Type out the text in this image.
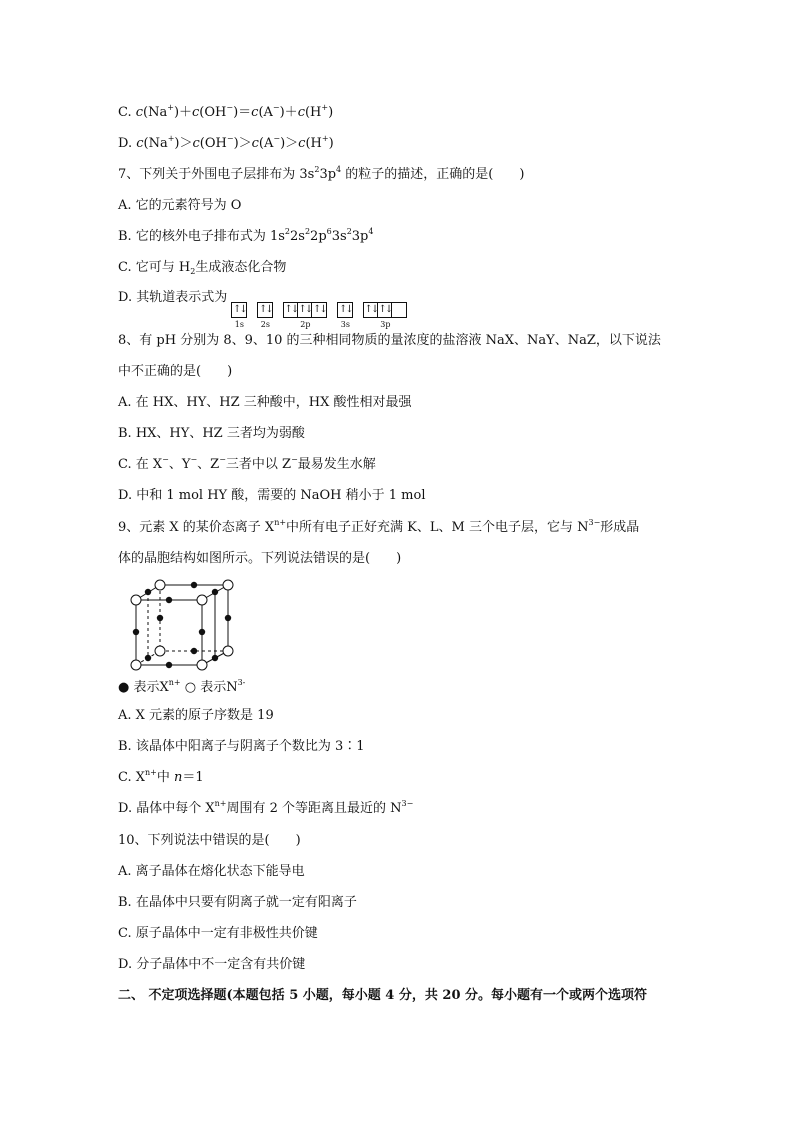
C. c(Na+)＋c(OH−)＝c(A−)＋c(H+)
D. c(Na+)＞c(OH−)＞c(A−)＞c(H+)
7、下列关于外围电子层排布为 $3s^23p^4$ 的粒子的描述，正确的是(　　)
A. 它的元素符号为 O
B. 它的核外电子排布式为 $1s^22s^22p^63s^23p^4$
C. 它可与 $H_2$生成液态化合物
D. 其轨道表示式为
↑↓
1s
↑↓
2s
↑↓ ↑↓ ↑↓
2p
↑↓
3s
↑↓ ↑↓
3p
8、有 pH 分别为 8、9、10 的三种相同物质的量浓度的盐溶液 NaX、NaY、NaZ，以下说法
中不正确的是(　　)
A. 在 HX、HY、HZ 三种酸中，HX 酸性相对最强
B. HX、HY、HZ 三者均为弱酸
C. 在 X−、Y−、Z−三者中以 Z−最易发生水解
D. 中和 1 mol HY 酸，需要的 NaOH 稍小于 1 mol
9、元素 X 的某价态离子 $X^{n+}$中所有电子正好充满 K、L、M 三个电子层，它与 $N^{3-}$形成晶
体的晶胞结构如图所示。下列说法错误的是(　　)
● 表示$X^{n+}$ ○ 表示$N^{3-}$
A. X 元素的原子序数是 19
B. 该晶体中阳离子与阴离子个数比为 3∶1
C. $X^{n+}$中 n＝1
D. 晶体中每个 $X^{n+}$周围有 2 个等距离且最近的 $N^{3-}$
10、下列说法中错误的是(　　)
A. 离子晶体在熔化状态下能导电
B. 在晶体中只要有阴离子就一定有阳离子
C. 原子晶体中一定有非极性共价键
D. 分子晶体中不一定含有共价键
二、 不定项选择题(本题包括 5 小题，每小题 4 分，共 20 分。每小题有一个或两个选项符
